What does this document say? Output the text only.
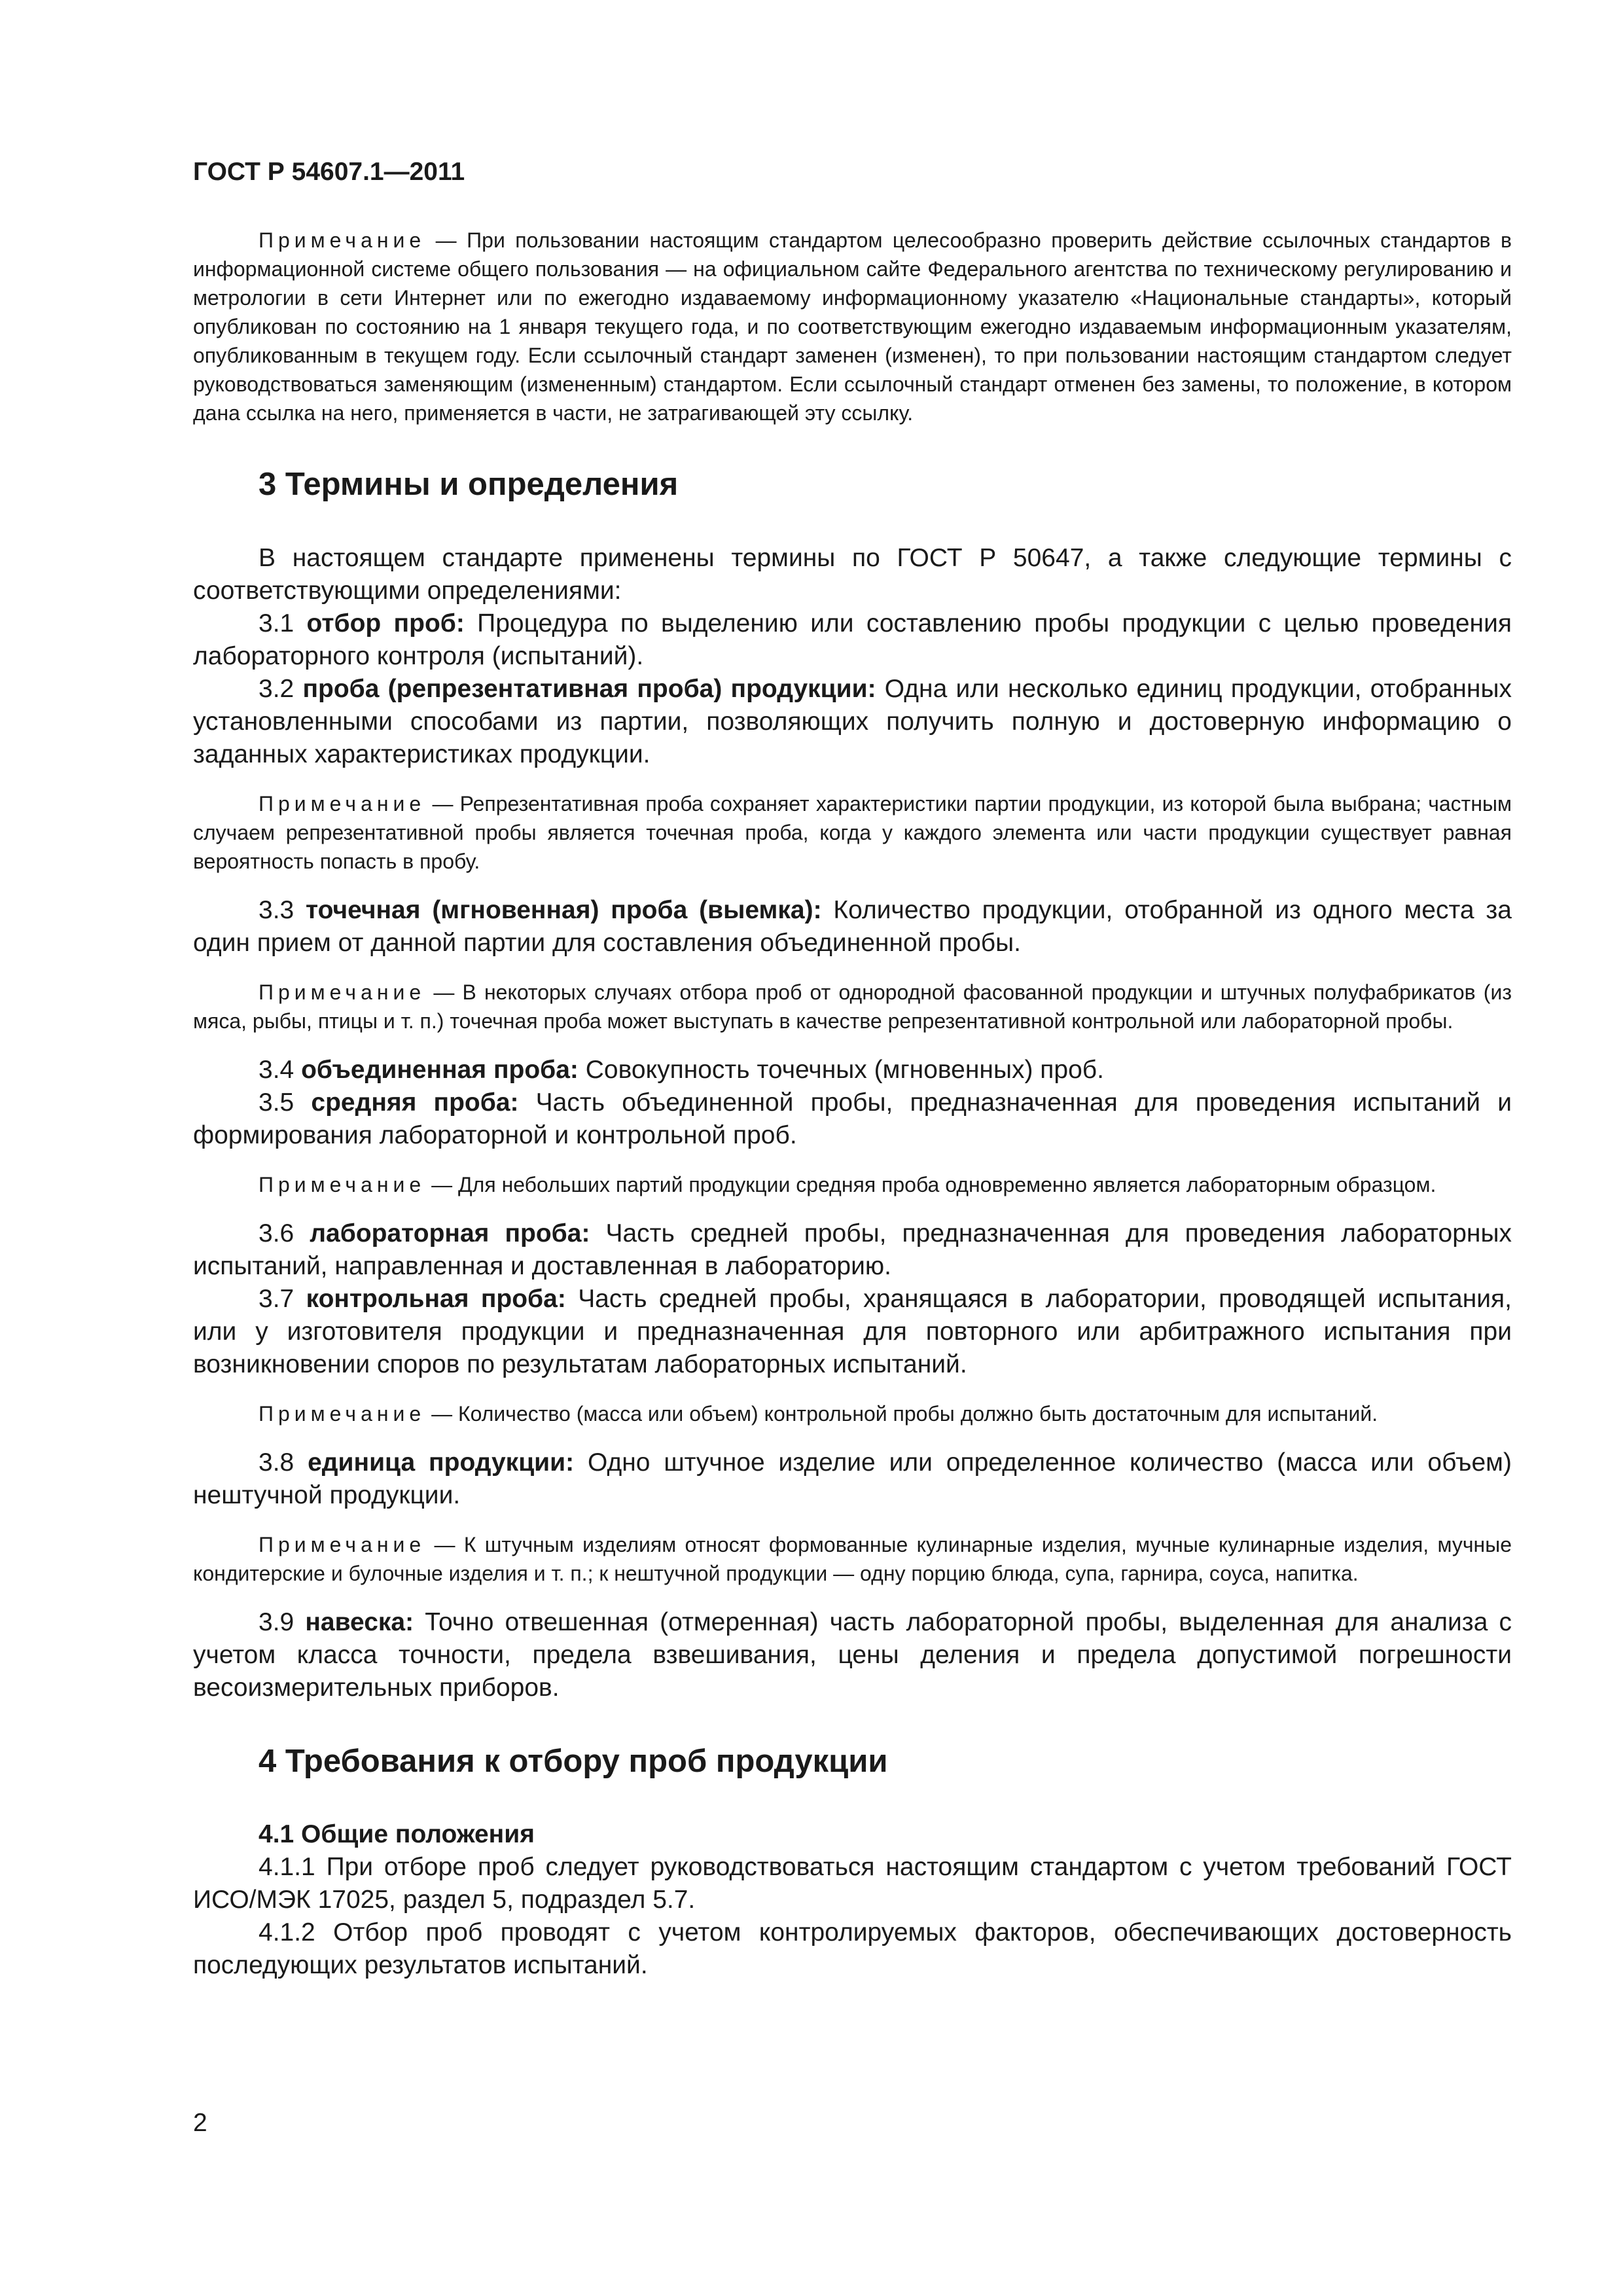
ГОСТ Р 54607.1—2011

Примечание — При пользовании настоящим стандартом целесообразно проверить действие ссылочных стандартов в информационной системе общего пользования — на официальном сайте Федерального агентства по техническому регулированию и метрологии в сети Интернет или по ежегодно издаваемому информационному указателю «Национальные стандарты», который опубликован по состоянию на 1 января текущего года, и по соответствующим ежегодно издаваемым информационным указателям, опубликованным в текущем году. Если ссылочный стандарт заменен (изменен), то при пользовании настоящим стандартом следует руководствоваться заменяющим (измененным) стандартом. Если ссылочный стандарт отменен без замены, то положение, в котором дана ссылка на него, применяется в части, не затрагивающей эту ссылку.

3 Термины и определения

В настоящем стандарте применены термины по ГОСТ Р 50647, а также следующие термины с соответствующими определениями:

3.1 отбор проб: Процедура по выделению или составлению пробы продукции с целью проведения лабораторного контроля (испытаний).

3.2 проба (репрезентативная проба) продукции: Одна или несколько единиц продукции, отобранных установленными способами из партии, позволяющих получить полную и достоверную информацию о заданных характеристиках продукции.

Примечание — Репрезентативная проба сохраняет характеристики партии продукции, из которой была выбрана; частным случаем репрезентативной пробы является точечная проба, когда у каждого элемента или части продукции существует равная вероятность попасть в пробу.

3.3 точечная (мгновенная) проба (выемка): Количество продукции, отобранной из одного места за один прием от данной партии для составления объединенной пробы.

Примечание — В некоторых случаях отбора проб от однородной фасованной продукции и штучных полуфабрикатов (из мяса, рыбы, птицы и т. п.) точечная проба может выступать в качестве репрезентативной контрольной или лабораторной пробы.

3.4 объединенная проба: Совокупность точечных (мгновенных) проб.

3.5 средняя проба: Часть объединенной пробы, предназначенная для проведения испытаний и формирования лабораторной и контрольной проб.

Примечание — Для небольших партий продукции средняя проба одновременно является лабораторным образцом.

3.6 лабораторная проба: Часть средней пробы, предназначенная для проведения лабораторных испытаний, направленная и доставленная в лабораторию.

3.7 контрольная проба: Часть средней пробы, хранящаяся в лаборатории, проводящей испытания, или у изготовителя продукции и предназначенная для повторного или арбитражного испытания при возникновении споров по результатам лабораторных испытаний.

Примечание — Количество (масса или объем) контрольной пробы должно быть достаточным для испытаний.

3.8 единица продукции: Одно штучное изделие или определенное количество (масса или объем) нештучной продукции.

Примечание — К штучным изделиям относят формованные кулинарные изделия, мучные кулинарные изделия, мучные кондитерские и булочные изделия и т. п.; к нештучной продукции — одну порцию блюда, супа, гарнира, соуса, напитка.

3.9 навеска: Точно отвешенная (отмеренная) часть лабораторной пробы, выделенная для анализа с учетом класса точности, предела взвешивания, цены деления и предела допустимой погрешности весоизмерительных приборов.

4 Требования к отбору проб продукции
4.1 Общие положения

4.1.1 При отборе проб следует руководствоваться настоящим стандартом с учетом требований ГОСТ ИСО/МЭК 17025, раздел 5, подраздел 5.7.

4.1.2 Отбор проб проводят с учетом контролируемых факторов, обеспечивающих достоверность последующих результатов испытаний.

2
